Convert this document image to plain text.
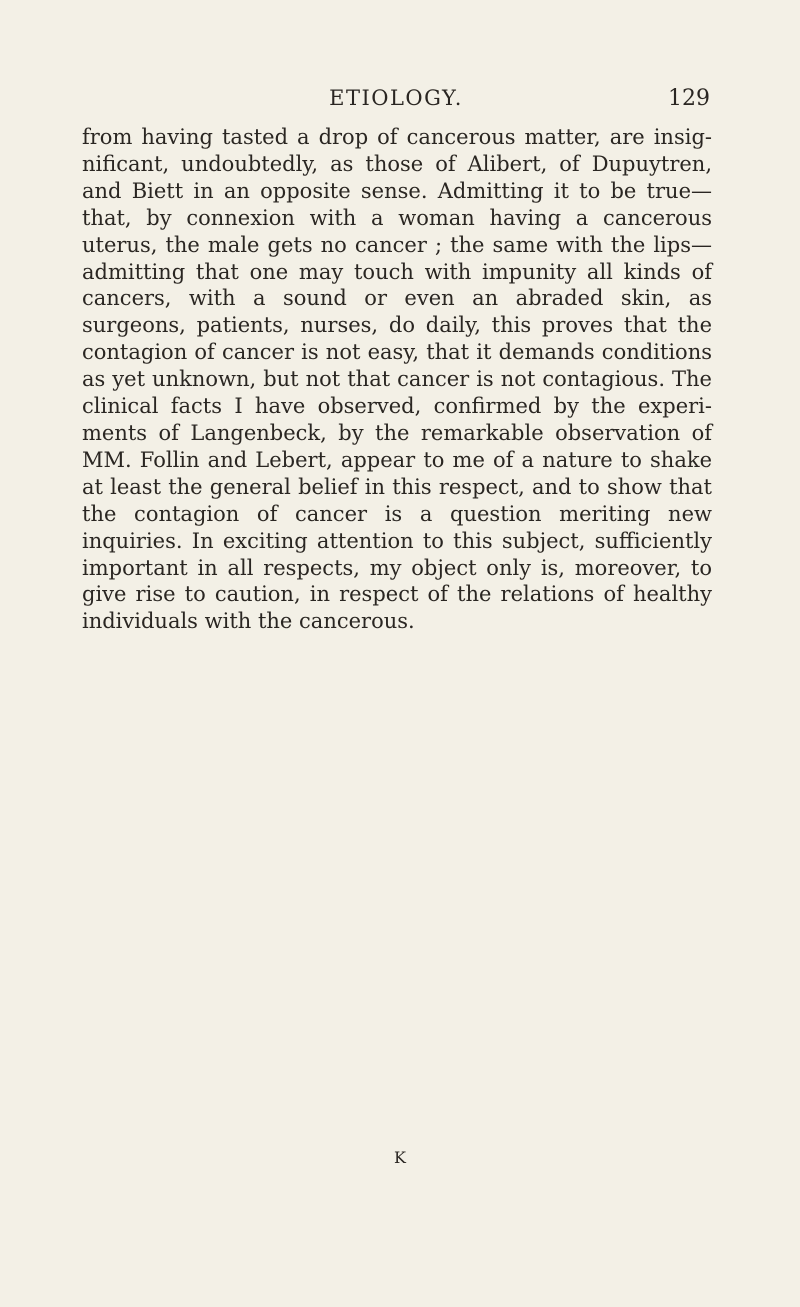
ETIOLOGY.	129

from having tasted a drop of cancerous matter, are insignificant, undoubtedly, as those of Alibert, of Dupuytren, and Biett in an opposite sense. Admitting it to be true— that, by connexion with a woman having a cancerous uterus, the male gets no cancer ; the same with the lips— admitting that one may touch with impunity all kinds of cancers, with a sound or even an abraded skin, as surgeons, patients, nurses, do daily, this proves that the contagion of cancer is not easy, that it demands conditions as yet unknown, but not that cancer is not contagious. The clinical facts I have observed, confirmed by the experiments of Langenbeck, by the remarkable observation of MM. Follin and Lebert, appear to me of a nature to shake at least the general belief in this respect, and to show that the contagion of cancer is a question meriting new inquiries. In exciting attention to this subject, sufficiently important in all respects, my object only is, moreover, to give rise to caution, in respect of the relations of healthy individuals with the cancerous.

K
